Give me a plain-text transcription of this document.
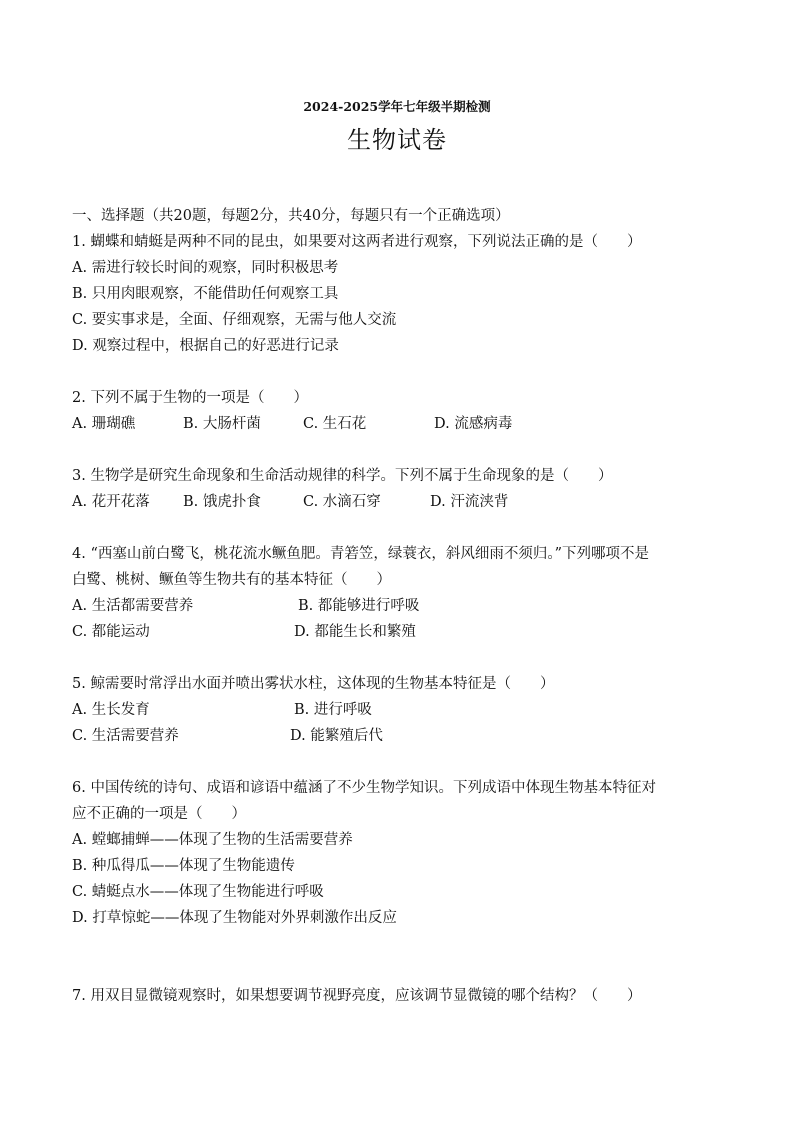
2024-2025学年七年级半期检测
生物试卷
一、选择题（共20题，每题2分，共40分，每题只有一个正确选项）
1. 蝴蝶和蜻蜓是两种不同的昆虫，如果要对这两者进行观察，下列说法正确的是（　　）
A. 需进行较长时间的观察，同时积极思考
B. 只用肉眼观察，不能借助任何观察工具
C. 要实事求是，全面、仔细观察，无需与他人交流
D. 观察过程中，根据自己的好恶进行记录
2. 下列不属于生物的一项是（　　）
A. 珊瑚礁	B. 大肠杆菌	C. 生石花	D. 流感病毒
3. 生物学是研究生命现象和生命活动规律的科学。下列不属于生命现象的是（　　）
A. 花开花落	B. 饿虎扑食	C. 水滴石穿	D. 汗流浃背
4. “西塞山前白鹭飞，桃花流水鳜鱼肥。青箬笠，绿蓑衣，斜风细雨不须归。”下列哪项不是
白鹭、桃树、鳜鱼等生物共有的基本特征（　　）
A. 生活都需要营养	B. 都能够进行呼吸
C. 都能运动	D. 都能生长和繁殖
5. 鲸需要时常浮出水面并喷出雾状水柱，这体现的生物基本特征是（　　）
A. 生长发育	B. 进行呼吸
C. 生活需要营养	D. 能繁殖后代
6. 中国传统的诗句、成语和谚语中蕴涵了不少生物学知识。下列成语中体现生物基本特征对
应不正确的一项是（　　）
A. 螳螂捕蝉——体现了生物的生活需要营养
B. 种瓜得瓜——体现了生物能遗传
C. 蜻蜓点水——体现了生物能进行呼吸
D. 打草惊蛇——体现了生物能对外界刺激作出反应
7. 用双目显微镜观察时，如果想要调节视野亮度，应该调节显微镜的哪个结构？（　　）
